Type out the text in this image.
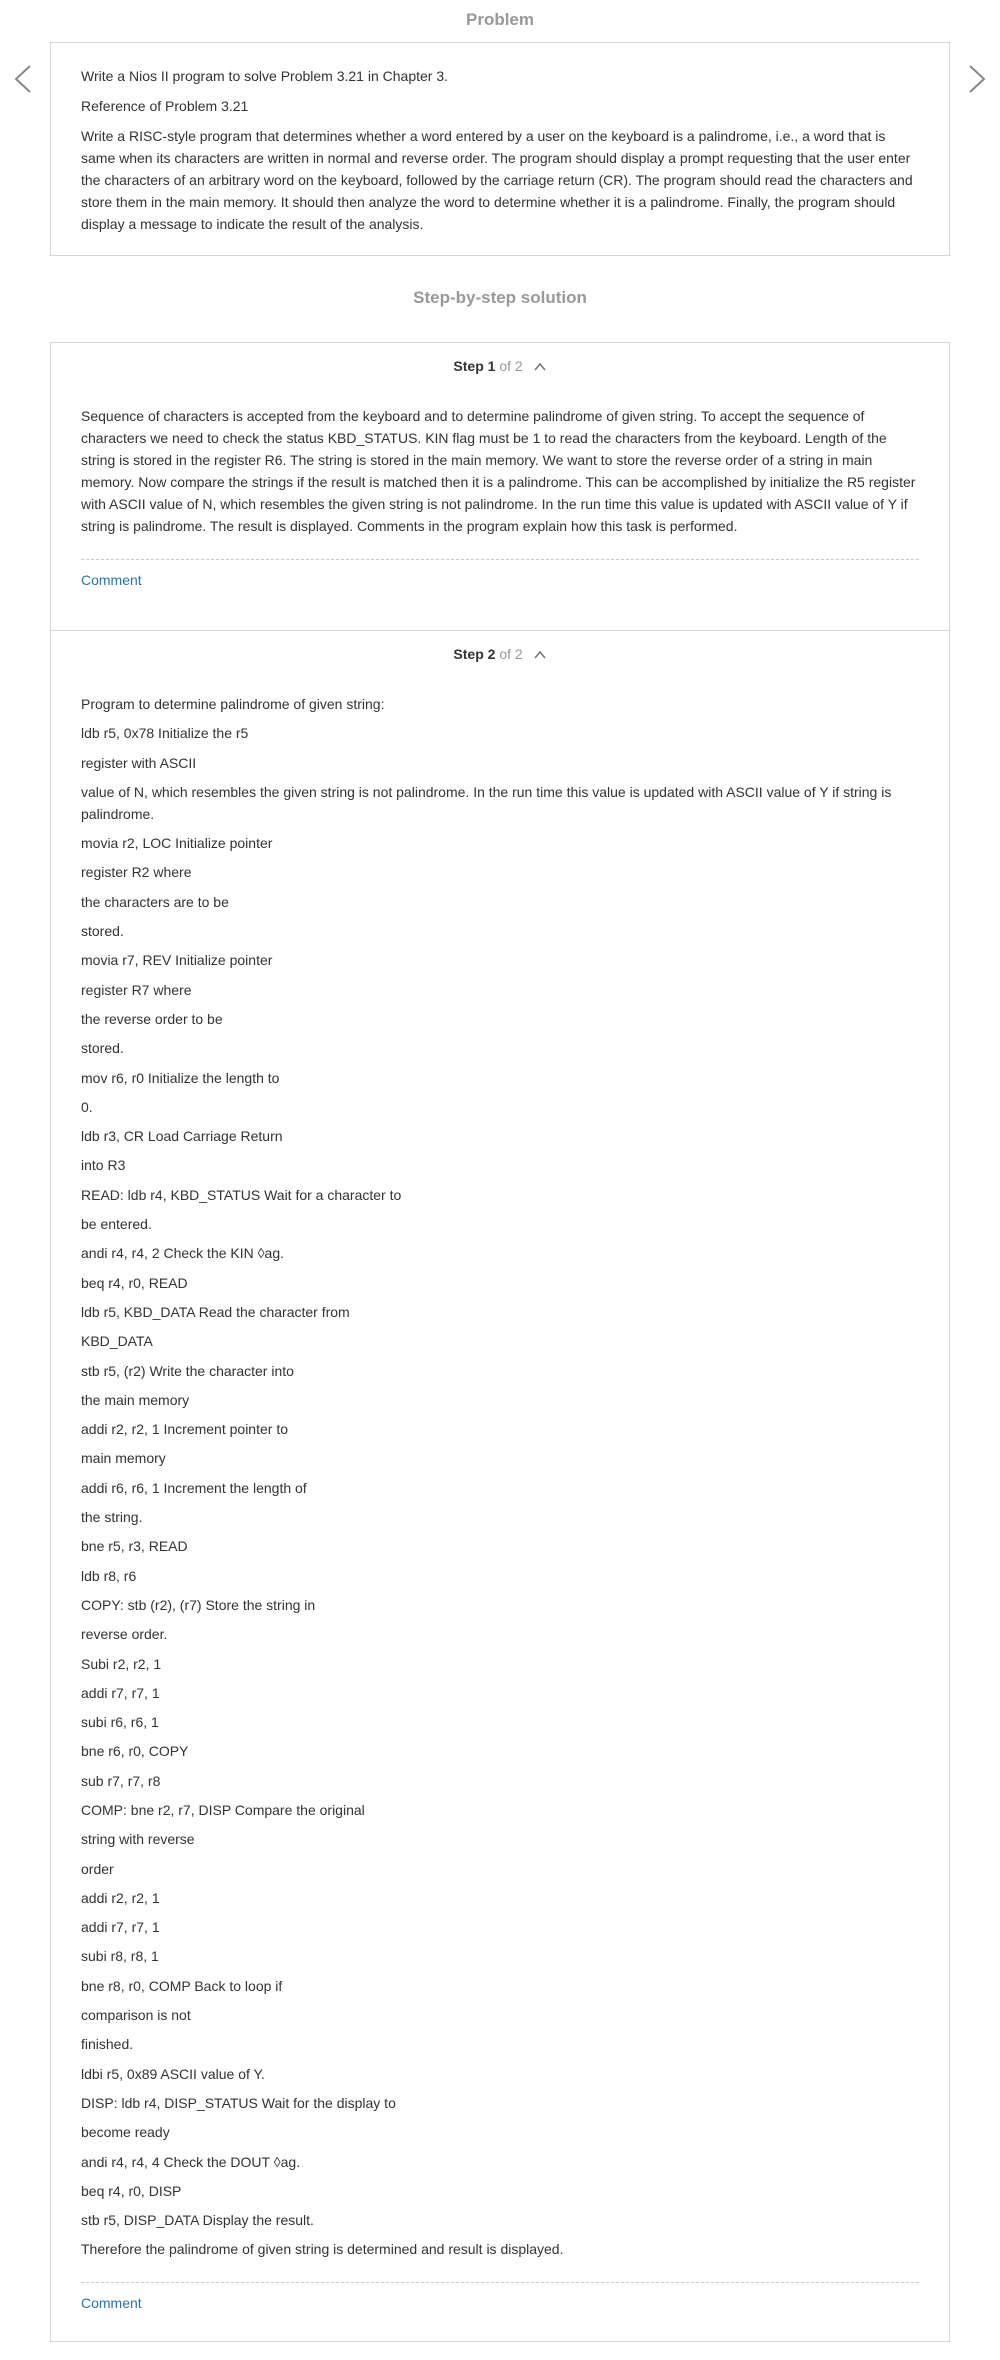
Problem

Write a Nios II program to solve Problem 3.21 in Chapter 3.

Reference of Problem 3.21

Write a RISC-style program that determines whether a word entered by a user on the keyboard is a palindrome, i.e., a word that is same when its characters are written in normal and reverse order. The program should display a prompt requesting that the user enter the characters of an arbitrary word on the keyboard, followed by the carriage return (CR). The program should read the characters and store them in the main memory. It should then analyze the word to determine whether it is a palindrome. Finally, the program should display a message to indicate the result of the analysis.

Step-by-step solution
Step 1 of 2

Sequence of characters is accepted from the keyboard and to determine palindrome of given string. To accept the sequence of characters we need to check the status KBD_STATUS. KIN flag must be 1 to read the characters from the keyboard. Length of the string is stored in the register R6. The string is stored in the main memory. We want to store the reverse order of a string in main memory. Now compare the strings if the result is matched then it is a palindrome. This can be accomplished by initialize the R5 register with ASCII value of N, which resembles the given string is not palindrome. In the run time this value is updated with ASCII value of Y if string is palindrome. The result is displayed. Comments in the program explain how this task is performed.

Comment
Step 2 of 2

Program to determine palindrome of given string:

ldb r5, 0x78 Initialize the r5

register with ASCII

value of N, which resembles the given string is not palindrome. In the run time this value is updated with ASCII value of Y if string is palindrome.

movia r2, LOC Initialize pointer

register R2 where

the characters are to be

stored.

movia r7, REV Initialize pointer

register R7 where

the reverse order to be

stored.

mov r6, r0 Initialize the length to

0.

ldb r3, CR Load Carriage Return

into R3

READ: ldb r4, KBD_STATUS Wait for a character to

be entered.

andi r4, r4, 2 Check the KIN ◊ag.

beq r4, r0, READ

ldb r5, KBD_DATA Read the character from

KBD_DATA

stb r5, (r2) Write the character into

the main memory

addi r2, r2, 1 Increment pointer to

main memory

addi r6, r6, 1 Increment the length of

the string.

bne r5, r3, READ

ldb r8, r6

COPY: stb (r2), (r7) Store the string in

reverse order.

Subi r2, r2, 1

addi r7, r7, 1

subi r6, r6, 1

bne r6, r0, COPY

sub r7, r7, r8

COMP: bne r2, r7, DISP Compare the original

string with reverse

order

addi r2, r2, 1

addi r7, r7, 1

subi r8, r8, 1

bne r8, r0, COMP Back to loop if

comparison is not

finished.

ldbi r5, 0x89 ASCII value of Y.

DISP: ldb r4, DISP_STATUS Wait for the display to

become ready

andi r4, r4, 4 Check the DOUT ◊ag.

beq r4, r0, DISP

stb r5, DISP_DATA Display the result.

Therefore the palindrome of given string is determined and result is displayed.

Comment
